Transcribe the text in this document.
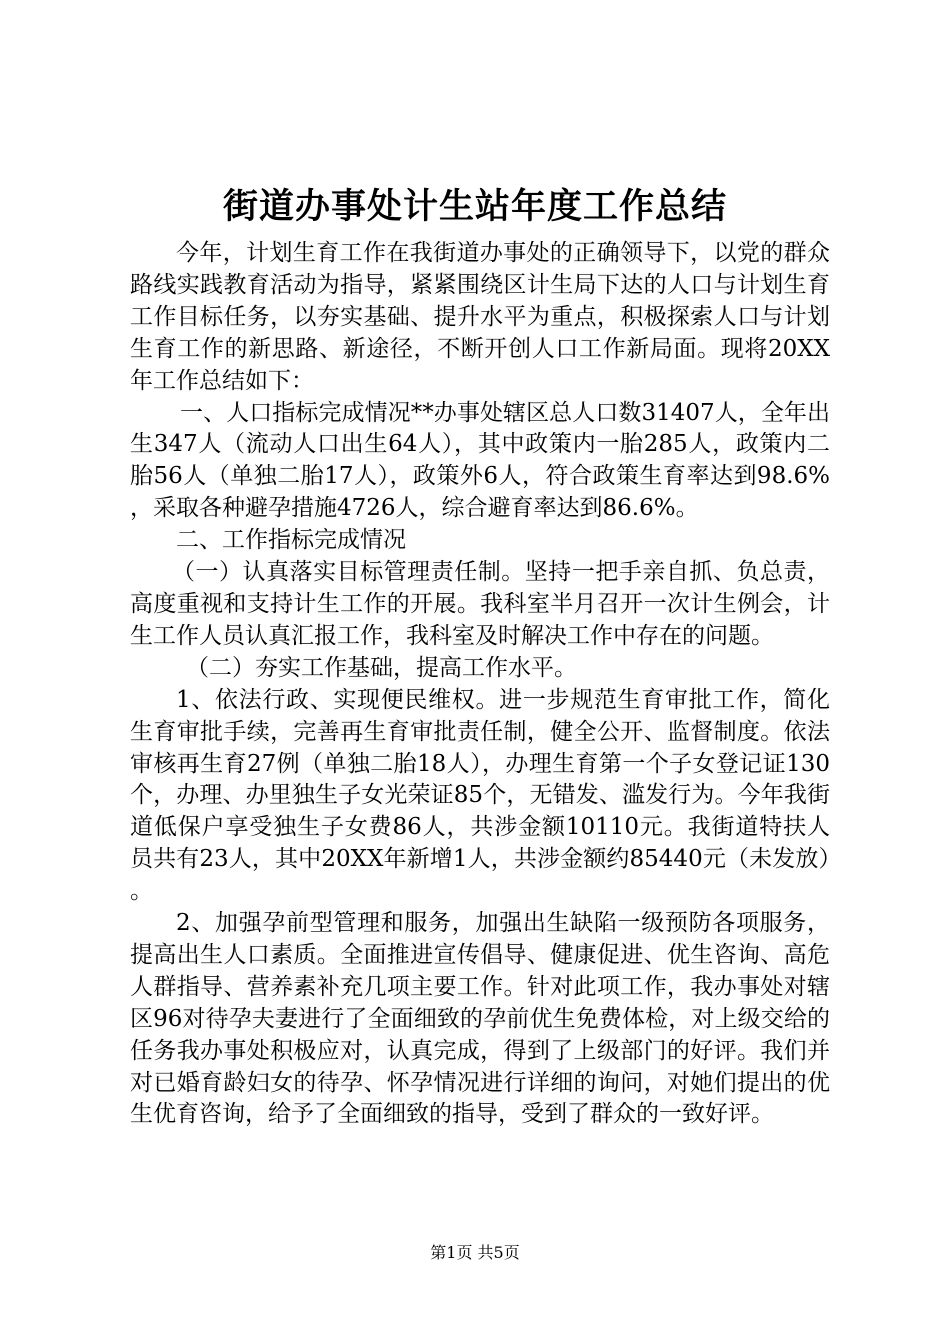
街道办事处计生站年度工作总结

今年，计划生育工作在我街道办事处的正确领导下，以党的群众路线实践教育活动为指导，紧紧围绕区计生局下达的人口与计划生育工作目标任务，以夯实基础、提升水平为重点，积极探索人口与计划生育工作的新思路、新途径，不断开创人口工作新局面。现将20XX年工作总结如下：

一、人口指标完成情况**办事处辖区总人口数31407人，全年出生347人（流动人口出生64人），其中政策内一胎285人，政策内二胎56人（单独二胎17人），政策外6人，符合政策生育率达到98.6%，采取各种避孕措施4726人，综合避育率达到86.6%。

二、工作指标完成情况

（一）认真落实目标管理责任制。坚持一把手亲自抓、负总责，高度重视和支持计生工作的开展。我科室半月召开一次计生例会，计生工作人员认真汇报工作，我科室及时解决工作中存在的问题。

（二）夯实工作基础，提高工作水平。

1、依法行政、实现便民维权。进一步规范生育审批工作，简化生育审批手续，完善再生育审批责任制，健全公开、监督制度。依法审核再生育27例（单独二胎18人），办理生育第一个子女登记证130个，办理、办里独生子女光荣证85个，无错发、滥发行为。今年我街道低保户享受独生子女费86人，共涉金额10110元。我街道特扶人员共有23人，其中20XX年新增1人，共涉金额约85440元（未发放）。

2、加强孕前型管理和服务，加强出生缺陷一级预防各项服务，提高出生人口素质。全面推进宣传倡导、健康促进、优生咨询、高危人群指导、营养素补充几项主要工作。针对此项工作，我办事处对辖区96对待孕夫妻进行了全面细致的孕前优生免费体检，对上级交给的任务我办事处积极应对，认真完成，得到了上级部门的好评。我们并对已婚育龄妇女的待孕、怀孕情况进行详细的询问，对她们提出的优生优育咨询，给予了全面细致的指导，受到了群众的一致好评。

第1页 共5页
